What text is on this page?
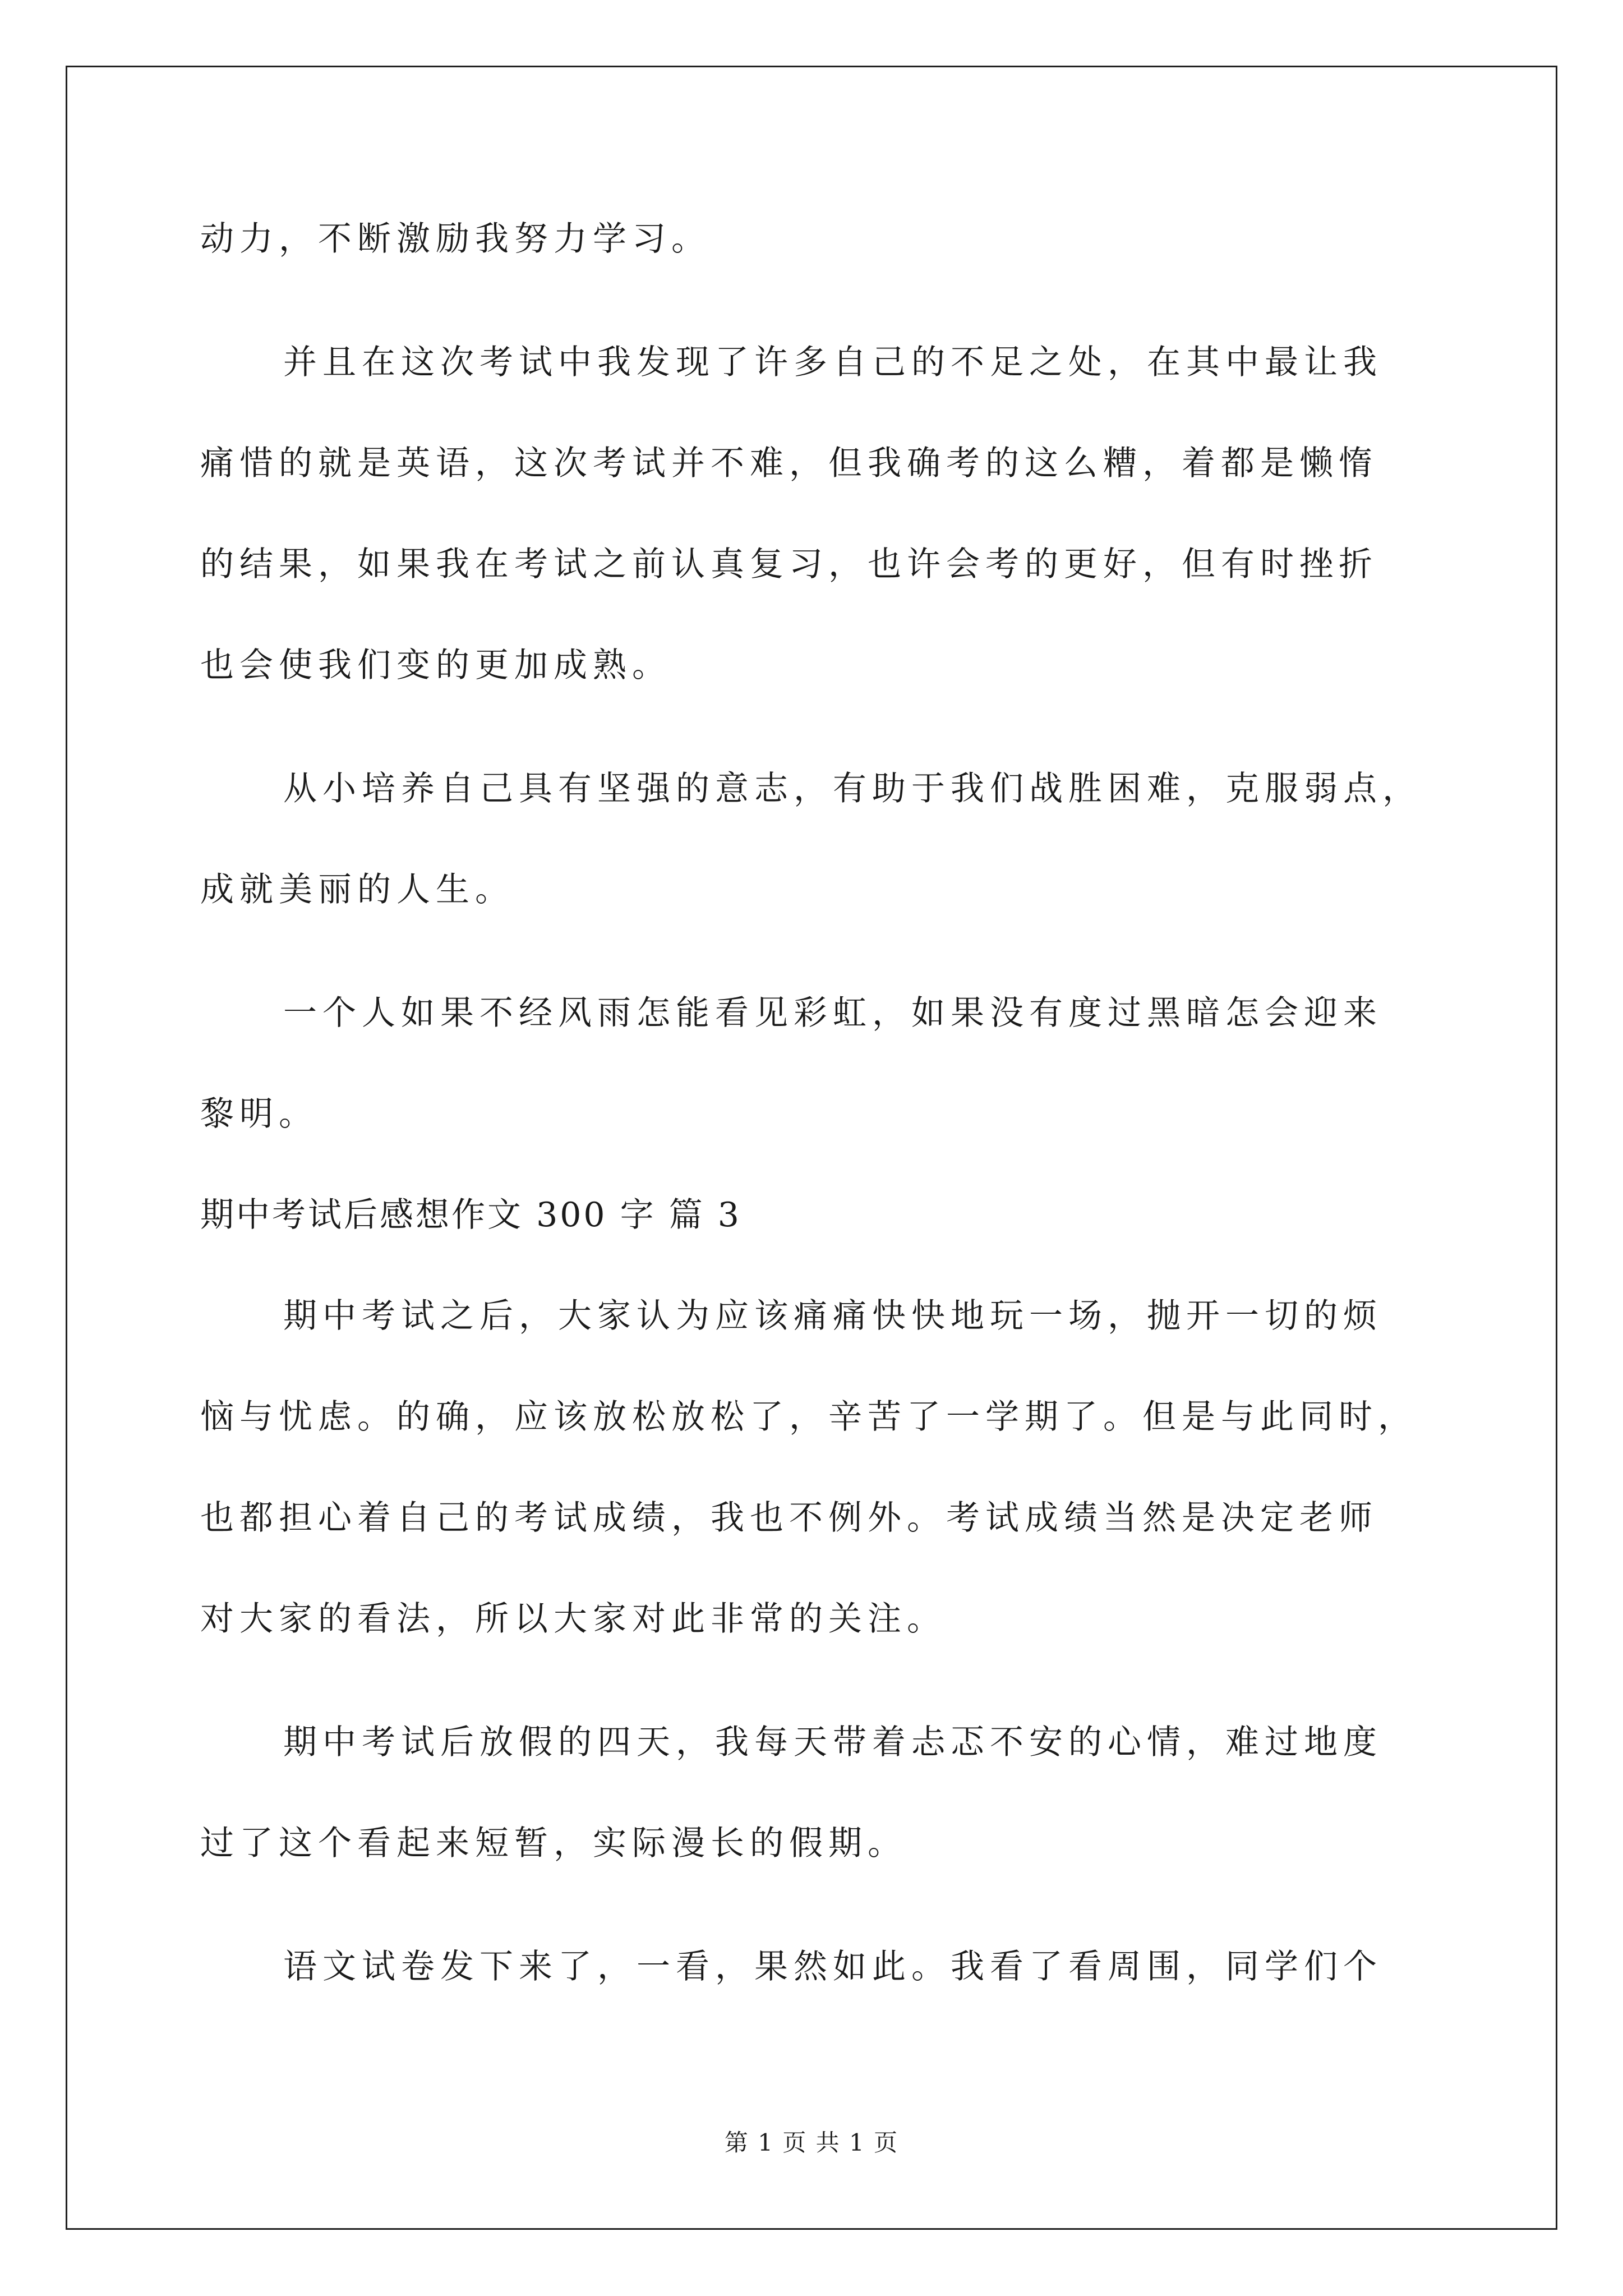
动力，不断激励我努力学习。
并且在这次考试中我发现了许多自己的不足之处，在其中最让我
痛惜的就是英语，这次考试并不难，但我确考的这么糟，着都是懒惰
的结果，如果我在考试之前认真复习，也许会考的更好，但有时挫折
也会使我们变的更加成熟。
从小培养自己具有坚强的意志，有助于我们战胜困难，克服弱点，
成就美丽的人生。
一个人如果不经风雨怎能看见彩虹，如果没有度过黑暗怎会迎来
黎明。
期中考试后感想作文 300 字 篇 3
期中考试之后，大家认为应该痛痛快快地玩一场，抛开一切的烦
恼与忧虑。的确，应该放松放松了，辛苦了一学期了。但是与此同时，
也都担心着自己的考试成绩，我也不例外。考试成绩当然是决定老师
对大家的看法，所以大家对此非常的关注。
期中考试后放假的四天，我每天带着忐忑不安的心情，难过地度
过了这个看起来短暂，实际漫长的假期。
语文试卷发下来了，一看，果然如此。我看了看周围，同学们个
第 1 页 共 1 页
